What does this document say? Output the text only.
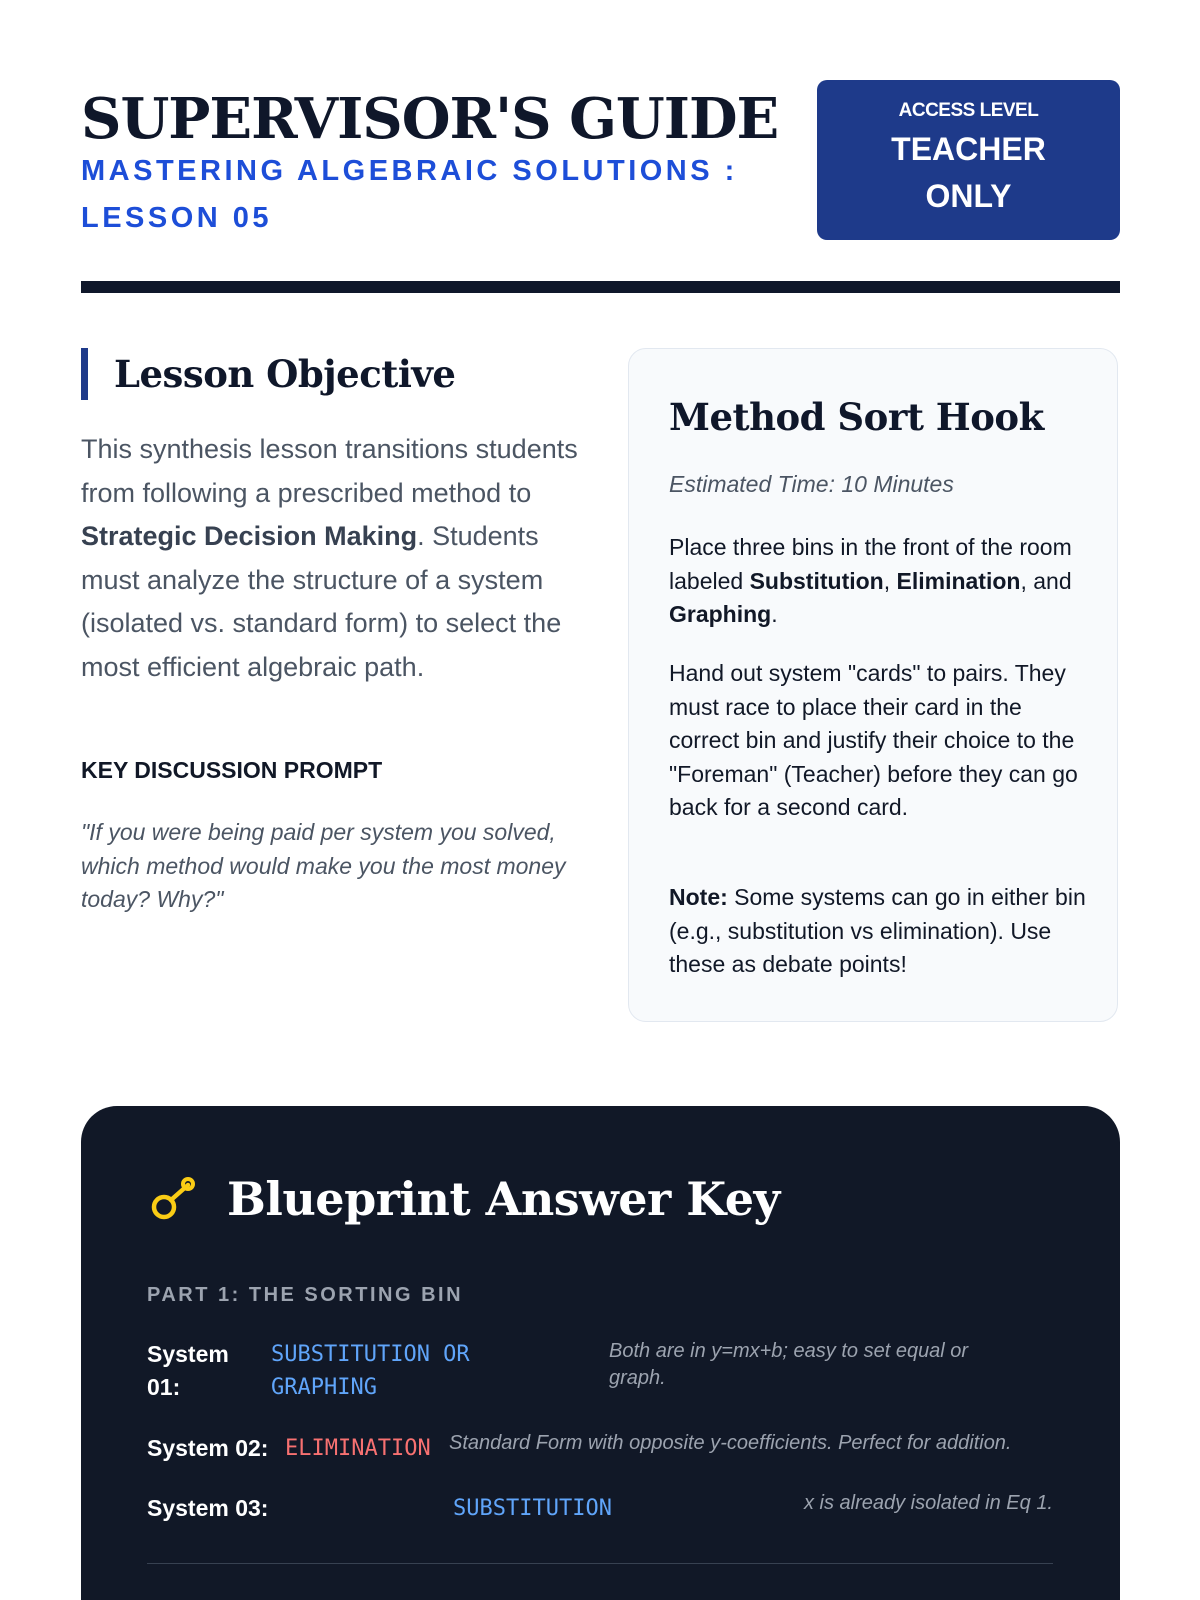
SUPERVISOR'S GUIDE

MASTERING ALGEBRAIC SOLUTIONS : LESSON 05

ACCESS LEVEL
TEACHER ONLY
Lesson Objective

This synthesis lesson transitions students from following a prescribed method to Strategic Decision Making. Students must analyze the structure of a system (isolated vs. standard form) to select the most efficient algebraic path.

KEY DISCUSSION PROMPT

"If you were being paid per system you solved, which method would make you the most money today? Why?"

Method Sort Hook

Estimated Time: 10 Minutes

Place three bins in the front of the room labeled Substitution, Elimination, and Graphing.

Hand out system "cards" to pairs. They must race to place their card in the correct bin and justify their choice to the "Foreman" (Teacher) before they can go back for a second card.

Note: Some systems can go in either bin (e.g., substitution vs elimination). Use these as debate points!

Blueprint Answer Key

PART 1: THE SORTING BIN

System 01:

SUBSTITUTION OR GRAPHING

Both are in y=mx+b; easy to set equal or graph.

System 02: ELIMINATION Standard Form with opposite y-coefficients. Perfect for addition.

System 03:	SUBSTITUTION	x is already isolated in Eq 1.
